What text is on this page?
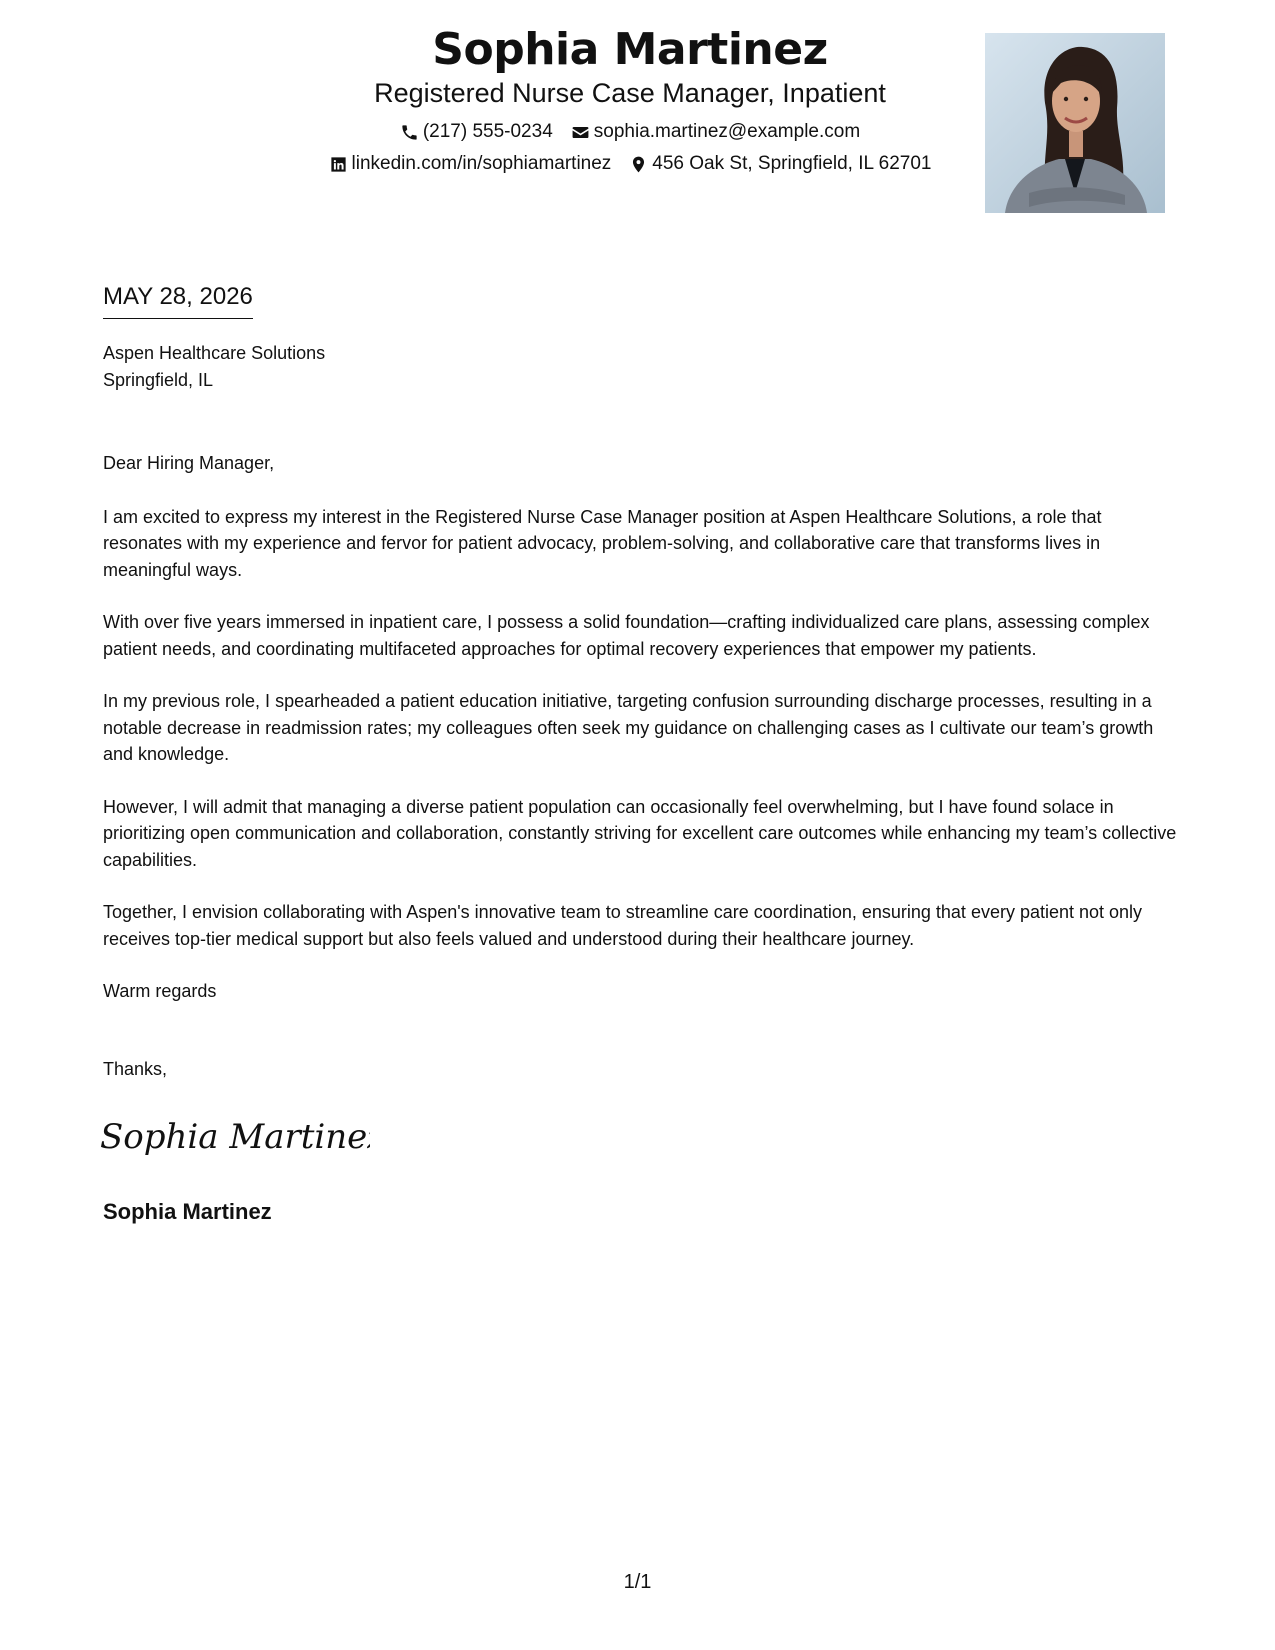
Sophia Martinez
Registered Nurse Case Manager, Inpatient
(217) 555-0234 sophia.martinez@example.com
linkedin.com/in/sophiamartinez 456 Oak St, Springfield, IL 62701
MAY 28, 2026
Aspen Healthcare Solutions
Springfield, IL

Dear Hiring Manager,

I am excited to express my interest in the Registered Nurse Case Manager position at Aspen Healthcare Solutions, a role that resonates with my experience and fervor for patient advocacy, problem-solving, and collaborative care that transforms lives in meaningful ways.

With over five years immersed in inpatient care, I possess a solid foundation—crafting individualized care plans, assessing complex patient needs, and coordinating multifaceted approaches for optimal recovery experiences that empower my patients.

In my previous role, I spearheaded a patient education initiative, targeting confusion surrounding discharge processes, resulting in a notable decrease in readmission rates; my colleagues often seek my guidance on challenging cases as I cultivate our team’s growth and knowledge.

However, I will admit that managing a diverse patient population can occasionally feel overwhelming, but I have found solace in prioritizing open communication and collaboration, constantly striving for excellent care outcomes while enhancing my team’s collective capabilities.

Together, I envision collaborating with Aspen's innovative team to streamline care coordination, ensuring that every patient not only receives top-tier medical support but also feels valued and understood during their healthcare journey.

Warm regards

Thanks,
Sophia Martinez
Sophia Martinez
1/1
